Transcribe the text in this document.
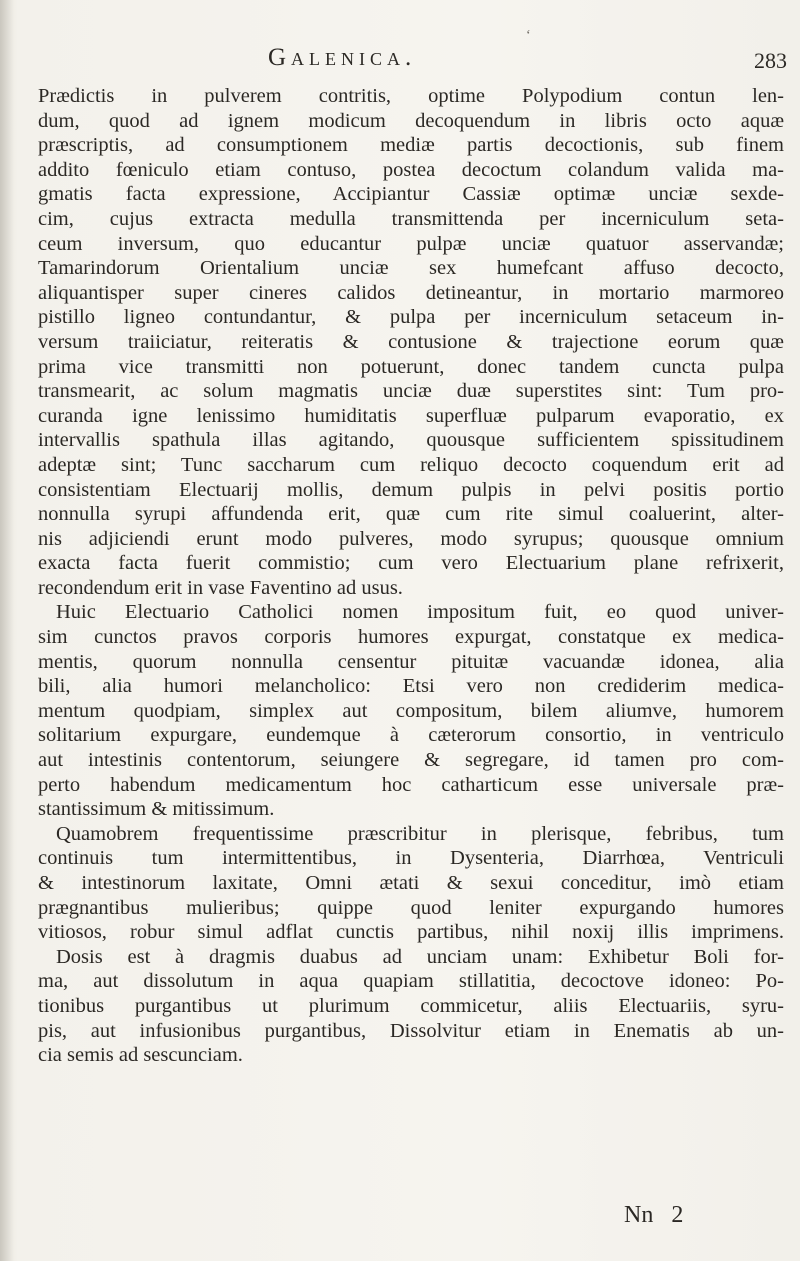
‘
Galenica.	283
Prædictis in pulverem contritis, optime Polypodium contun len-
dum, quod ad ignem modicum decoquendum in libris octo aquæ
præscriptis, ad consumptionem mediæ partis decoctionis, sub finem
addito fœniculo etiam contuso, postea decoctum colandum valida ma-
gmatis facta expressione, Accipiantur Cassiæ optimæ unciæ sexde-
cim, cujus extracta medulla transmittenda per incerniculum seta-
ceum inversum, quo educantur pulpæ unciæ quatuor asservandæ;
Tamarindorum Orientalium unciæ sex humefcant affuso decocto,
aliquantisper super cineres calidos detineantur, in mortario marmoreo
pistillo ligneo contundantur, & pulpa per incerniculum setaceum in-
versum traiiciatur, reiteratis & contusione & trajectione eorum quæ
prima vice transmitti non potuerunt, donec tandem cuncta pulpa
transmearit, ac solum magmatis unciæ duæ superstites sint: Tum pro-
curanda igne lenissimo humiditatis superfluæ pulparum evaporatio, ex
intervallis spathula illas agitando, quousque sufficientem spissitudinem
adeptæ sint; Tunc saccharum cum reliquo decocto coquendum erit ad
consistentiam Electuarij mollis, demum pulpis in pelvi positis portio
nonnulla syrupi affundenda erit, quæ cum rite simul coaluerint, alter-
nis adjiciendi erunt modo pulveres, modo syrupus; quousque omnium
exacta facta fuerit commistio; cum vero Electuarium plane refrixerit,
recondendum erit in vase Faventino ad usus.
Huic Electuario Catholici nomen impositum fuit, eo quod univer-
sim cunctos pravos corporis humores expurgat, constatque ex medica-
mentis, quorum nonnulla censentur pituitæ vacuandæ idonea, alia
bili, alia humori melancholico: Etsi vero non crediderim medica-
mentum quodpiam, simplex aut compositum, bilem aliumve, humorem
solitarium expurgare, eundemque à cæterorum consortio, in ventriculo
aut intestinis contentorum, seiungere & segregare, id tamen pro com-
perto habendum medicamentum hoc catharticum esse universale præ-
stantissimum & mitissimum.
Quamobrem frequentissime præscribitur in plerisque, febribus, tum
continuis tum intermittentibus, in Dysenteria, Diarrhœa, Ventriculi
& intestinorum laxitate, Omni ætati & sexui conceditur, imò etiam
prægnantibus mulieribus; quippe quod leniter expurgando humores
vitiosos, robur simul adflat cunctis partibus, nihil noxij illis imprimens.
Dosis est à dragmis duabus ad unciam unam: Exhibetur Boli for-
ma, aut dissolutum in aqua quapiam stillatitia, decoctove idoneo: Po-
tionibus purgantibus ut plurimum commicetur, aliis Electuariis, syru-
pis, aut infusionibus purgantibus, Dissolvitur etiam in Enematis ab un-
cia semis ad sescunciam.
Nn 2
